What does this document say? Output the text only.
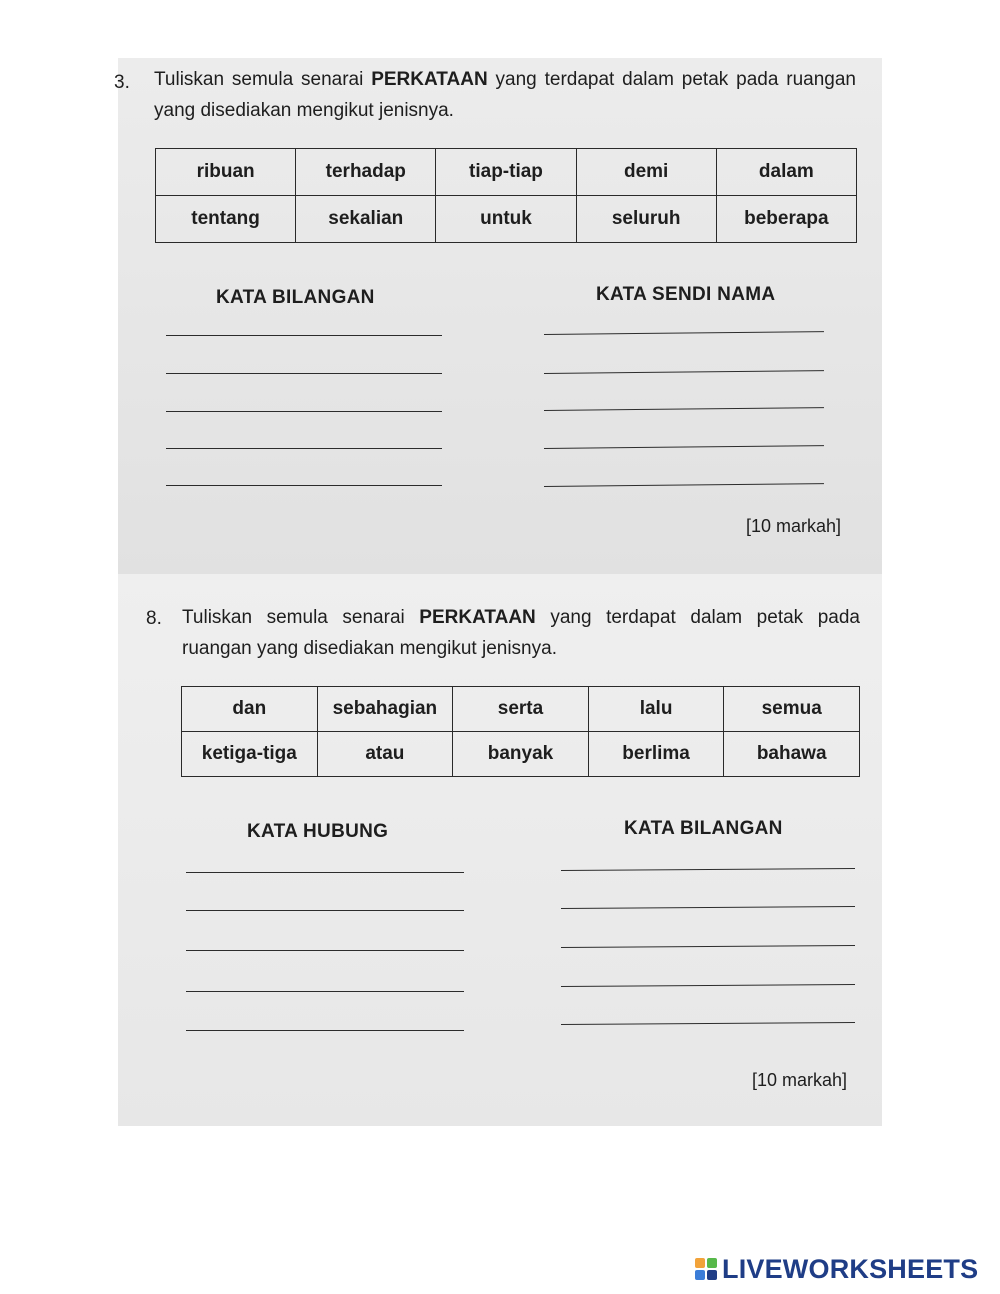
3. Tuliskan semula senarai PERKATAAN yang terdapat dalam petak pada ruangan yang disediakan mengikut jenisnya.
ribuan	terhadap	tiap-tiap	demi	dalam
tentang	sekalian	untuk	seluruh	beberapa
KATA BILANGAN	KATA SENDI NAMA
[10 markah]
8. Tuliskan semula senarai PERKATAAN yang terdapat dalam petak pada ruangan yang disediakan mengikut jenisnya.
dan	sebahagian	serta	lalu	semua
ketiga-tiga	atau	banyak	berlima	bahawa
KATA HUBUNG	KATA BILANGAN
[10 markah]
LIVEWORKSHEETS
